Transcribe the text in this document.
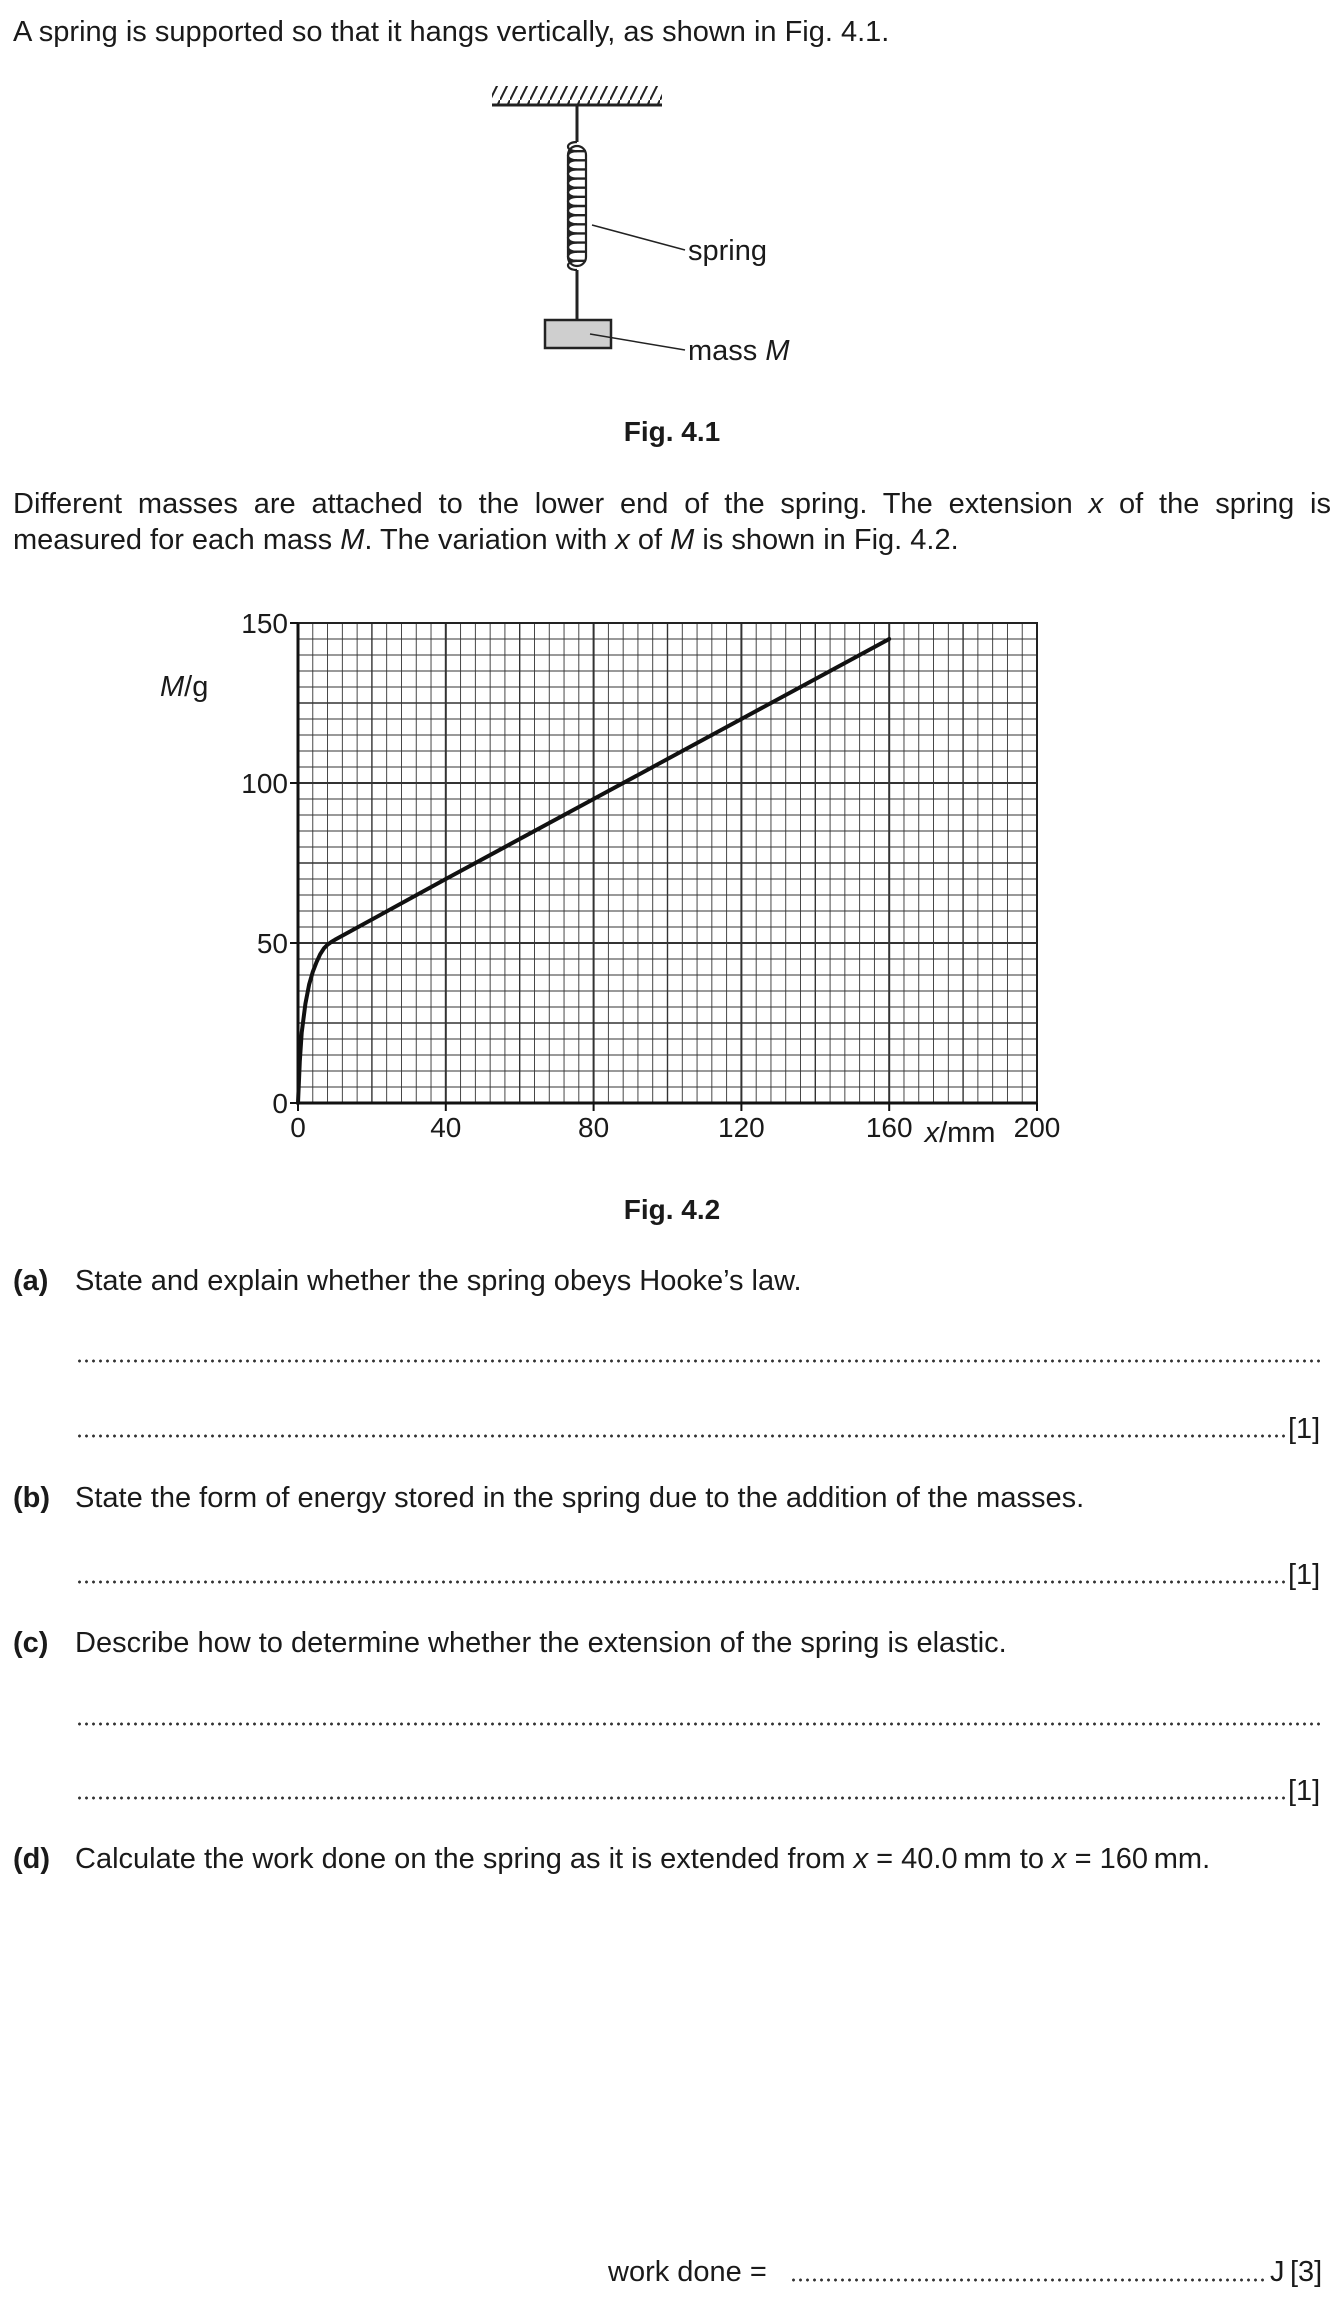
A spring is supported so that it hangs vertically, as shown in Fig. 4.1.
spring
mass M
Fig. 4.1
Different masses are attached to the lower end of the spring. The extension x of the spring is measured for each mass M. The variation with x of M is shown in Fig. 4.2.
0	40	80	120	160	200
0
50
100
150
M/g
x/mm
Fig. 4.2
(a) State and explain whether the spring obeys Hooke’s law.
[1]
(b) State the form of energy stored in the spring due to the addition of the masses.
[1]
(c) Describe how to determine whether the extension of the spring is elastic.
[1]
(d) Calculate the work done on the spring as it is extended from x = 40.0 mm to x = 160 mm.
work done =	J [3]
